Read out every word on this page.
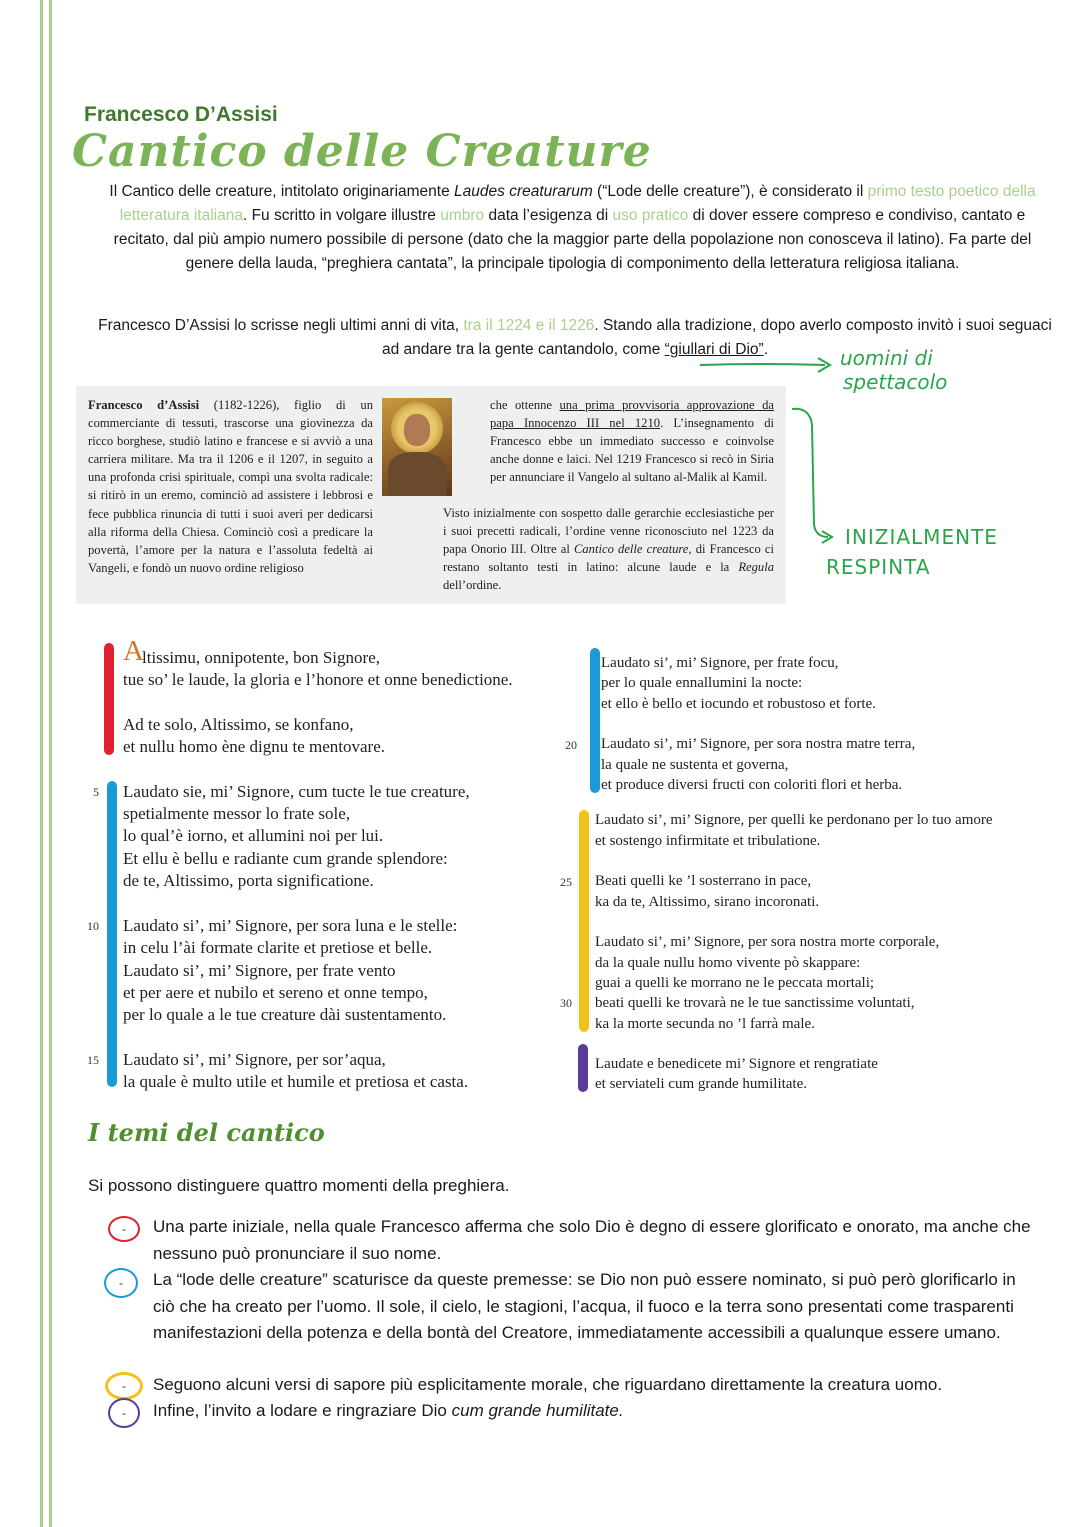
Francesco D’Assisi
Cantico delle Creature
Il Cantico delle creature, intitolato originariamente Laudes creaturarum (“Lode delle creature”), è considerato il primo testo poetico della letteratura italiana. Fu scritto in volgare illustre umbro data l’esigenza di uso pratico di dover essere compreso e condiviso, cantato e recitato, dal più ampio numero possibile di persone (dato che la maggior parte della popolazione non conosceva il latino). Fa parte del genere della lauda, “preghiera cantata”, la principale tipologia di componimento della letteratura religiosa italiana.
Francesco D’Assisi lo scrisse negli ultimi anni di vita, tra il 1224 e il 1226. Stando alla tradizione, dopo averlo composto invitò i suoi seguaci ad andare tra la gente cantandolo, come “giullari di Dio”.	uomini di
spettacolo
INIZIALMENTE
RESPINTA
Francesco d’Assisi (1182-1226), figlio di un commerciante di tessuti, trascorse una giovinezza da ricco borghese, studiò latino e francese e si avviò a una carriera militare. Ma tra il 1206 e il 1207, in seguito a una profonda crisi spirituale, compì una svolta radicale: si ritirò in un eremo, cominciò ad assistere i lebbrosi e fece pubblica rinuncia di tutti i suoi averi per dedicarsi alla riforma della Chiesa. Cominciò così a predicare la povertà, l’amore per la natura e l’assoluta fedeltà ai Vangeli, e fondò un nuovo ordine religioso
che ottenne una prima provvisoria approvazione da papa Innocenzo III nel 1210. L’insegnamento di Francesco ebbe un immediato successo e coinvolse anche donne e laici. Nel 1219 Francesco si recò in Siria per annunciare il Vangelo al sultano al-Malik al Kamil.
Visto inizialmente con sospetto dalle gerarchie ecclesiastiche per i suoi precetti radicali, l’ordine venne riconosciuto nel 1223 da papa Onorio III. Oltre al Cantico delle creature, di Francesco ci restano soltanto testi in latino: alcune laude e la Regula dell’ordine.
A
ltissimu, onnipotente, bon Signore,
tue so’ le laude, la gloria e l’honore et onne benedictione.
Ad te solo, Altissimo, se konfano,
et nullu homo ène dignu te mentovare.
Laudato sie, mi’ Signore, cum tucte le tue creature,
spetialmente messor lo frate sole,
lo qual’è iorno, et allumini noi per lui.
Et ellu è bellu e radiante cum grande splendore:
de te, Altissimo, porta significatione.
Laudato si’, mi’ Signore, per sora luna e le stelle:
in celu l’ài formate clarite et pretiose et belle.
Laudato si’, mi’ Signore, per frate vento
et per aere et nubilo et sereno et onne tempo,
per lo quale a le tue creature dài sustentamento.
Laudato si’, mi’ Signore, per sor’aqua,
la quale è multo utile et humile et pretiosa et casta.
5
10
15
20
25
30
Laudato si’, mi’ Signore, per frate focu,
per lo quale ennallumini la nocte:
et ello è bello et iocundo et robustoso et forte.
Laudato si’, mi’ Signore, per sora nostra matre terra,
la quale ne sustenta et governa,
et produce diversi fructi con coloriti flori et herba.
Laudato si’, mi’ Signore, per quelli ke perdonano per lo tuo amore
et sostengo infirmitate et tribulatione.
Beati quelli ke ’l sosterrano in pace,
ka da te, Altissimo, sirano incoronati.
Laudato si’, mi’ Signore, per sora nostra morte corporale,
da la quale nullu homo vivente pò skappare:
guai a quelli ke morrano ne le peccata mortali;
beati quelli ke trovarà ne le tue sanctissime voluntati,
ka la morte secunda no ’l farrà male.
Laudate e benedicete mi’ Signore et rengratiate
et serviateli cum grande humilitate.
I temi del cantico
Si possono distinguere quattro momenti della preghiera.
-	Una parte iniziale, nella quale Francesco afferma che solo Dio è degno di essere glorificato e onorato, ma anche che nessuno può pronunciare il suo nome.
-	La “lode delle creature” scaturisce da queste premesse: se Dio non può essere nominato, si può però glorificarlo in ciò che ha creato per l’uomo. Il sole, il cielo, le stagioni, l’acqua, il fuoco e la terra sono presentati come trasparenti manifestazioni della potenza e della bontà del Creatore, immediatamente accessibili a qualunque essere umano.
-	Seguono alcuni versi di sapore più esplicitamente morale, che riguardano direttamente la creatura uomo.
-	Infine, l’invito a lodare e ringraziare Dio cum grande humilitate.
